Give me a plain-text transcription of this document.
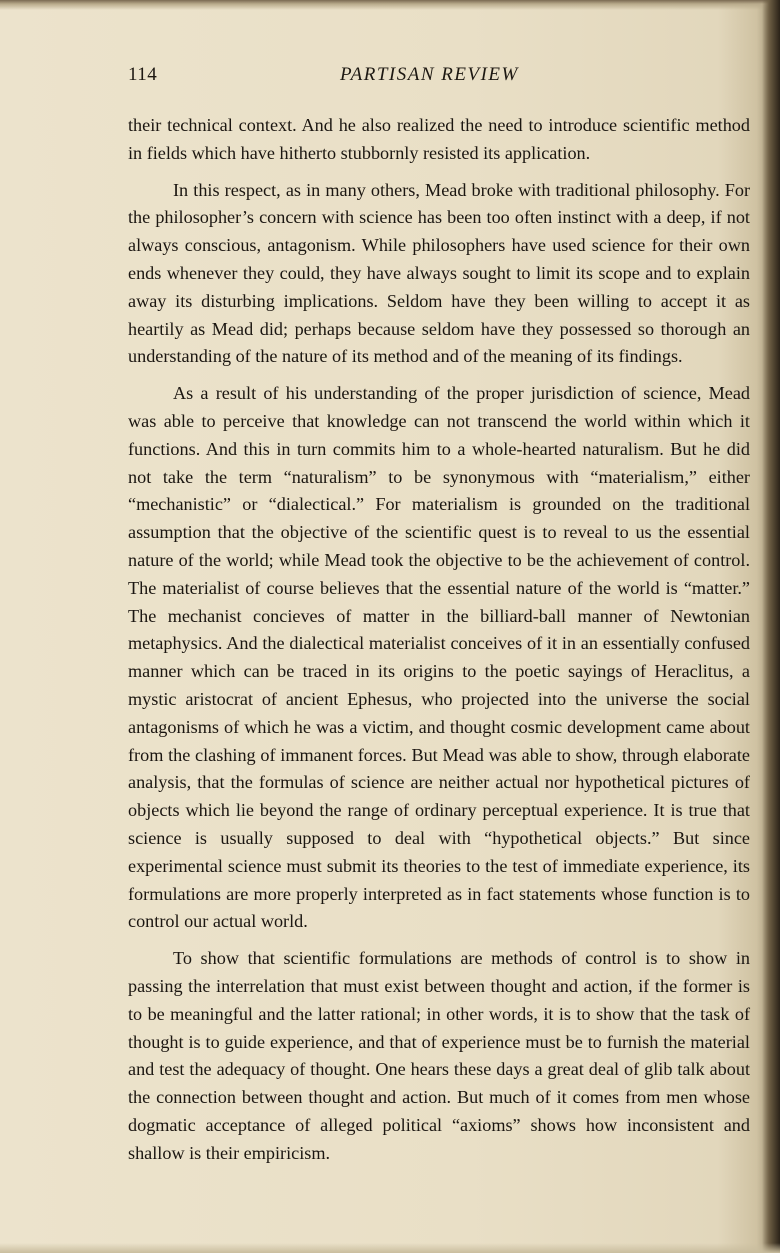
114	PARTISAN REVIEW

their technical context. And he also realized the need to introduce scientific method in fields which have hitherto stubbornly resisted its application.

In this respect, as in many others, Mead broke with traditional philosophy. For the philosopher’s concern with science has been too often instinct with a deep, if not always conscious, antagonism. While philosophers have used science for their own ends whenever they could, they have always sought to limit its scope and to explain away its disturbing implications. Seldom have they been willing to accept it as heartily as Mead did; perhaps because seldom have they possessed so thorough an understanding of the nature of its method and of the meaning of its findings.

As a result of his understanding of the proper jurisdiction of science, Mead was able to perceive that knowledge can not transcend the world within which it functions. And this in turn commits him to a whole-hearted naturalism. But he did not take the term “naturalism” to be synonymous with “materialism,” either “mechanistic” or “dialectical.” For materialism is grounded on the traditional assumption that the objective of the scientific quest is to reveal to us the essential nature of the world; while Mead took the objective to be the achievement of control. The materialist of course believes that the essential nature of the world is “matter.” The mechanist concieves of matter in the billiard-ball manner of Newtonian metaphysics. And the dialectical materialist conceives of it in an essentially confused manner which can be traced in its origins to the poetic sayings of Heraclitus, a mystic aristocrat of ancient Ephesus, who projected into the universe the social antagonisms of which he was a victim, and thought cosmic development came about from the clashing of immanent forces. But Mead was able to show, through elaborate analysis, that the formulas of science are neither actual nor hypothetical pictures of objects which lie beyond the range of ordinary perceptual experience. It is true that science is usually supposed to deal with “hypothetical objects.” But since experimental science must submit its theories to the test of immediate experience, its formulations are more properly interpreted as in fact statements whose function is to control our actual world.

To show that scientific formulations are methods of control is to show in passing the interrelation that must exist between thought and action, if the former is to be meaningful and the latter rational; in other words, it is to show that the task of thought is to guide experience, and that of experience must be to furnish the material and test the adequacy of thought. One hears these days a great deal of glib talk about the connection between thought and action. But much of it comes from men whose dogmatic acceptance of alleged political “axioms” shows how inconsistent and shallow is their empiricism.
